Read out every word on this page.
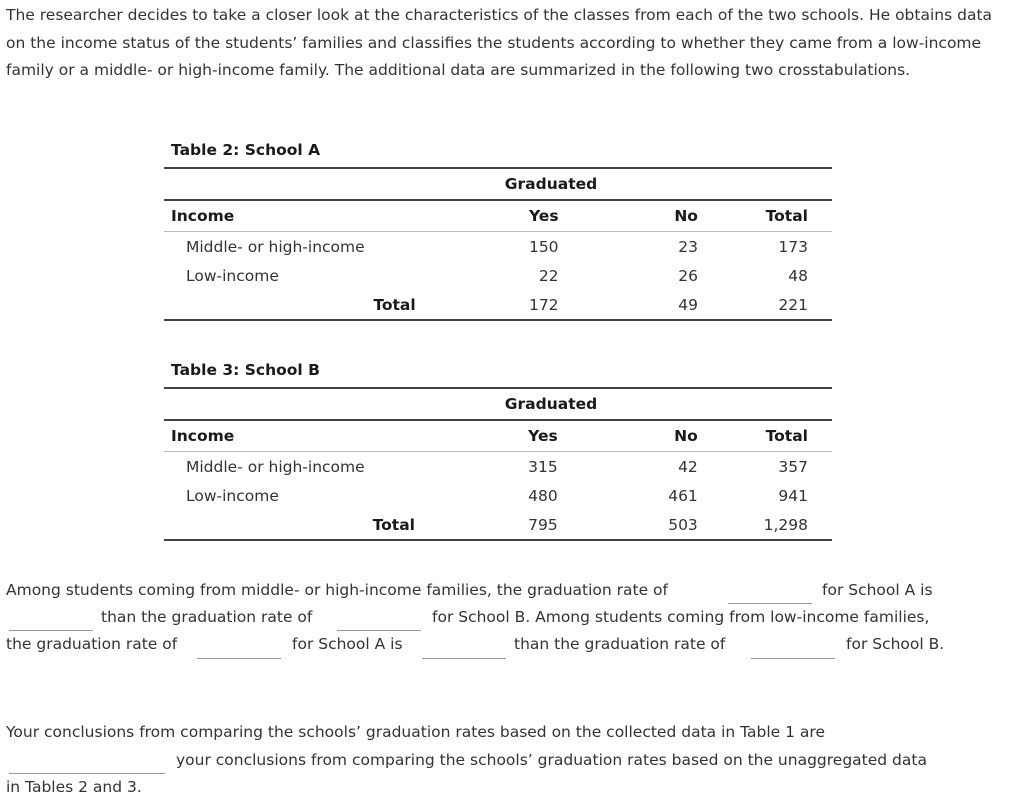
The researcher decides to take a closer look at the characteristics of the classes from each of the two schools. He obtains data on the income status of the students’ families and classifies the students according to whether they came from a low-income family or a middle- or high-income family. The additional data are summarized in the following two crosstabulations.

Table 2: School A
Graduated			
Income	Yes	No	Total
Middle- or high-income	150	23	173
Low-income	22	26	48
Total	172	49	221
Table 3: School B
Graduated			
Income	Yes	No	Total
Middle- or high-income	315	42	357
Low-income	480	461	941
Total	795	503	1,298
Among students coming from middle- or high-income families, the graduation rate of	for School A is
than the graduation rate of	for School B. Among students coming from low-income families,
the graduation rate of	for School A is	than the graduation rate of	for School B.
Your conclusions from comparing the schools’ graduation rates based on the collected data in Table 1 are
your conclusions from comparing the schools’ graduation rates based on the unaggregated data
in Tables 2 and 3.
